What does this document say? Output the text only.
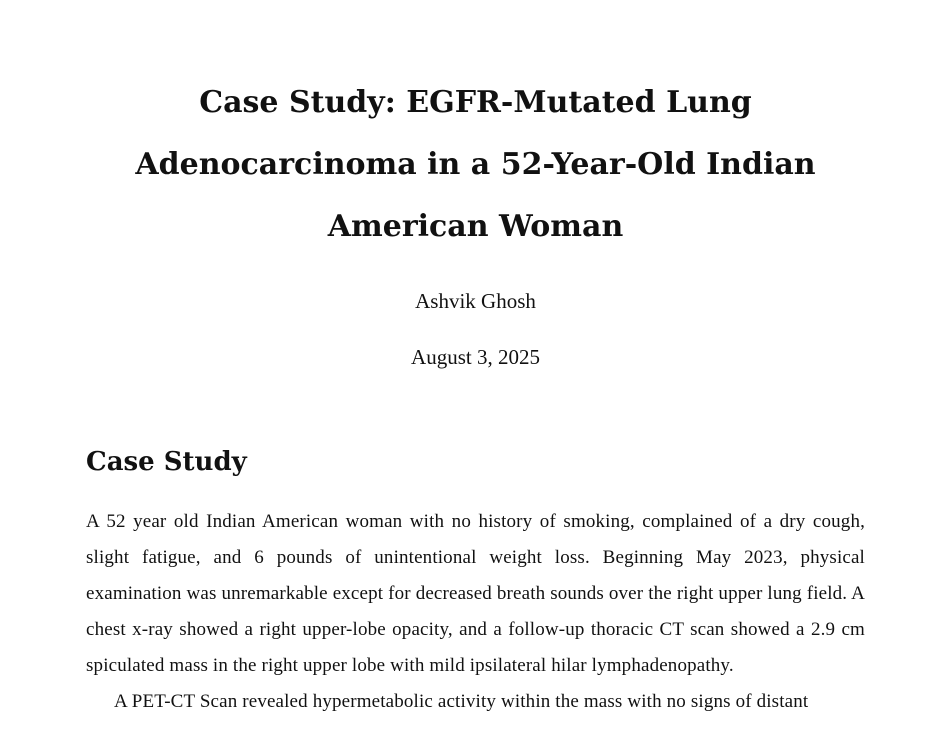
Case Study: EGFR-Mutated Lung Adenocarcinoma in a 52-Year-Old Indian American Woman
Ashvik Ghosh
August 3, 2025
Case Study

A 52 year old Indian American woman with no history of smoking, complained of a dry cough, slight fatigue, and 6 pounds of unintentional weight loss. Beginning May 2023, physical examination was unremarkable except for decreased breath sounds over the right upper lung field. A chest x-ray showed a right upper-lobe opacity, and a follow-up thoracic CT scan showed a 2.9 cm spiculated mass in the right upper lobe with mild ipsilateral hilar lymphadenopathy.

A PET-CT Scan revealed hypermetabolic activity within the mass with no signs of distant
